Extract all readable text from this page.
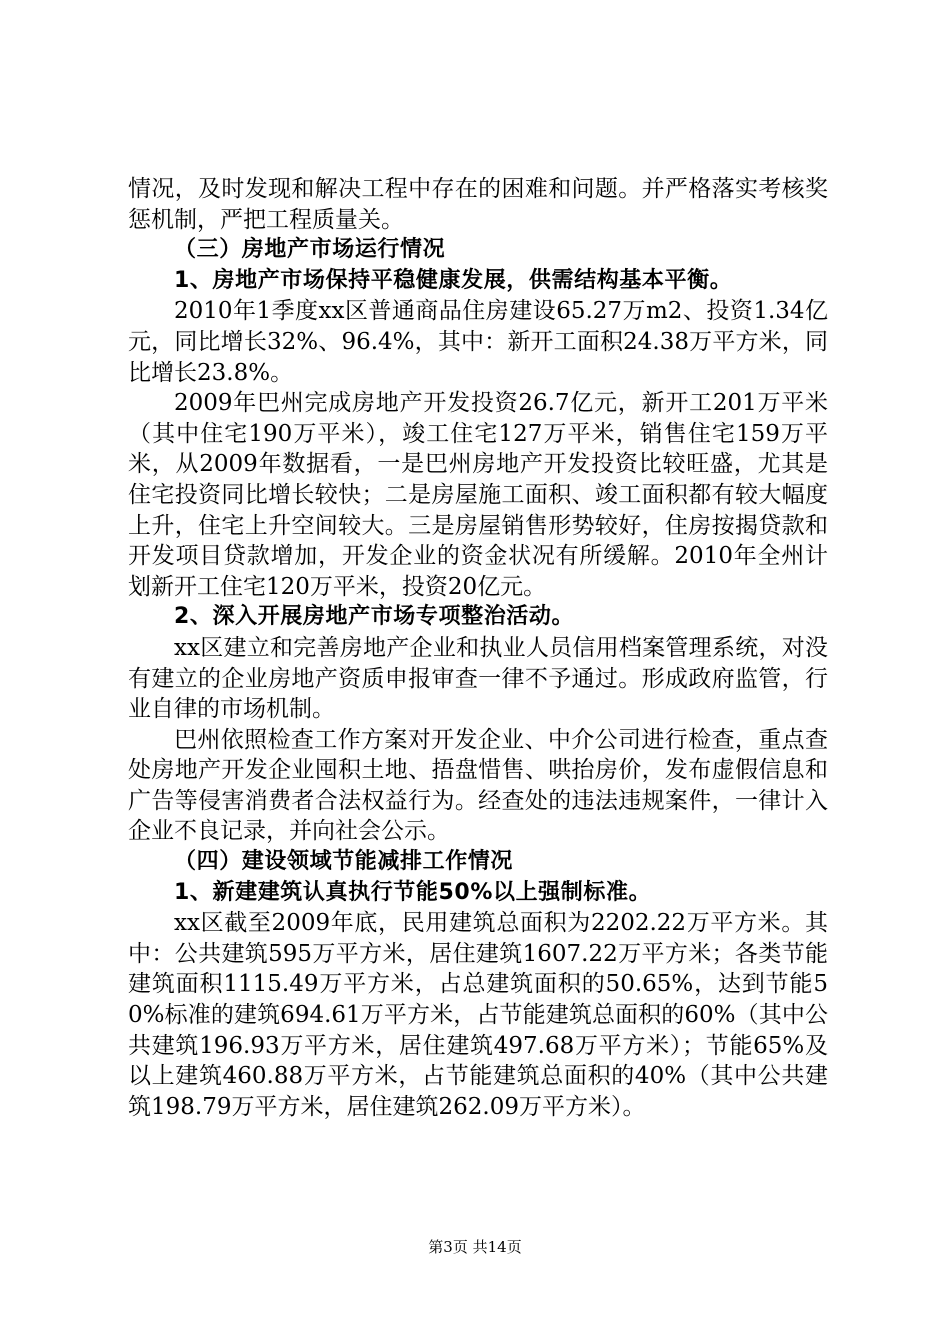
情况，及时发现和解决工程中存在的困难和问题。并严格落实考核奖惩机制，严把工程质量关。

（三）房地产市场运行情况

1、房地产市场保持平稳健康发展，供需结构基本平衡。

2010年1季度xx区普通商品住房建设65.27万m2、投资1.34亿元，同比增长32%、96.4%，其中：新开工面积24.38万平方米，同比增长23.8%。

2009年巴州完成房地产开发投资26.7亿元，新开工201万平米（其中住宅190万平米），竣工住宅127万平米，销售住宅159万平米，从2009年数据看，一是巴州房地产开发投资比较旺盛，尤其是住宅投资同比增长较快；二是房屋施工面积、竣工面积都有较大幅度上升，住宅上升空间较大。三是房屋销售形势较好，住房按揭贷款和开发项目贷款增加，开发企业的资金状况有所缓解。2010年全州计划新开工住宅120万平米，投资20亿元。

2、深入开展房地产市场专项整治活动。

xx区建立和完善房地产企业和执业人员信用档案管理系统，对没有建立的企业房地产资质申报审查一律不予通过。形成政府监管，行业自律的市场机制。

巴州依照检查工作方案对开发企业、中介公司进行检查，重点查处房地产开发企业囤积土地、捂盘惜售、哄抬房价，发布虚假信息和广告等侵害消费者合法权益行为。经查处的违法违规案件，一律计入企业不良记录，并向社会公示。

（四）建设领域节能减排工作情况

1、新建建筑认真执行节能50%以上强制标准。

xx区截至2009年底，民用建筑总面积为2202.22万平方米。其中：公共建筑595万平方米，居住建筑1607.22万平方米；各类节能建筑面积1115.49万平方米，占总建筑面积的50.65%，达到节能50%标准的建筑694.61万平方米，占节能建筑总面积的60%（其中公共建筑196.93万平方米，居住建筑497.68万平方米）；节能65%及以上建筑460.88万平方米，占节能建筑总面积的40%（其中公共建筑198.79万平方米，居住建筑262.09万平方米）。

第3页 共14页
